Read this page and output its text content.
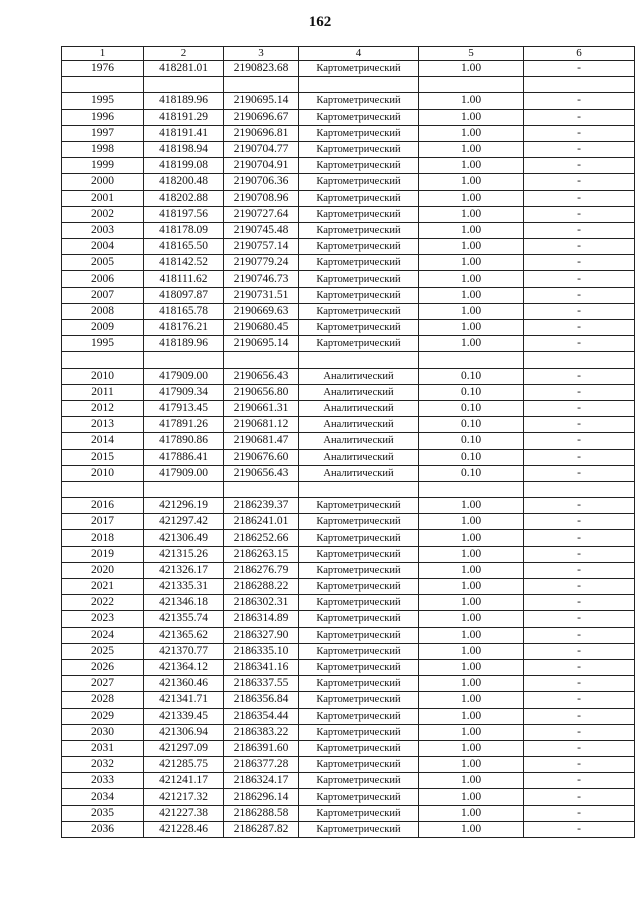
162
1	2	3	4	5	6
1976	418281.01	2190823.68	Картометрический	1.00	-

1995	418189.96	2190695.14	Картометрический	1.00	-
1996	418191.29	2190696.67	Картометрический	1.00	-
1997	418191.41	2190696.81	Картометрический	1.00	-
1998	418198.94	2190704.77	Картометрический	1.00	-
1999	418199.08	2190704.91	Картометрический	1.00	-
2000	418200.48	2190706.36	Картометрический	1.00	-
2001	418202.88	2190708.96	Картометрический	1.00	-
2002	418197.56	2190727.64	Картометрический	1.00	-
2003	418178.09	2190745.48	Картометрический	1.00	-
2004	418165.50	2190757.14	Картометрический	1.00	-
2005	418142.52	2190779.24	Картометрический	1.00	-
2006	418111.62	2190746.73	Картометрический	1.00	-
2007	418097.87	2190731.51	Картометрический	1.00	-
2008	418165.78	2190669.63	Картометрический	1.00	-
2009	418176.21	2190680.45	Картометрический	1.00	-
1995	418189.96	2190695.14	Картометрический	1.00	-

2010	417909.00	2190656.43	Аналитический	0.10	-
2011	417909.34	2190656.80	Аналитический	0.10	-
2012	417913.45	2190661.31	Аналитический	0.10	-
2013	417891.26	2190681.12	Аналитический	0.10	-
2014	417890.86	2190681.47	Аналитический	0.10	-
2015	417886.41	2190676.60	Аналитический	0.10	-
2010	417909.00	2190656.43	Аналитический	0.10	-

2016	421296.19	2186239.37	Картометрический	1.00	-
2017	421297.42	2186241.01	Картометрический	1.00	-
2018	421306.49	2186252.66	Картометрический	1.00	-
2019	421315.26	2186263.15	Картометрический	1.00	-
2020	421326.17	2186276.79	Картометрический	1.00	-
2021	421335.31	2186288.22	Картометрический	1.00	-
2022	421346.18	2186302.31	Картометрический	1.00	-
2023	421355.74	2186314.89	Картометрический	1.00	-
2024	421365.62	2186327.90	Картометрический	1.00	-
2025	421370.77	2186335.10	Картометрический	1.00	-
2026	421364.12	2186341.16	Картометрический	1.00	-
2027	421360.46	2186337.55	Картометрический	1.00	-
2028	421341.71	2186356.84	Картометрический	1.00	-
2029	421339.45	2186354.44	Картометрический	1.00	-
2030	421306.94	2186383.22	Картометрический	1.00	-
2031	421297.09	2186391.60	Картометрический	1.00	-
2032	421285.75	2186377.28	Картометрический	1.00	-
2033	421241.17	2186324.17	Картометрический	1.00	-
2034	421217.32	2186296.14	Картометрический	1.00	-
2035	421227.38	2186288.58	Картометрический	1.00	-
2036	421228.46	2186287.82	Картометрический	1.00	-
